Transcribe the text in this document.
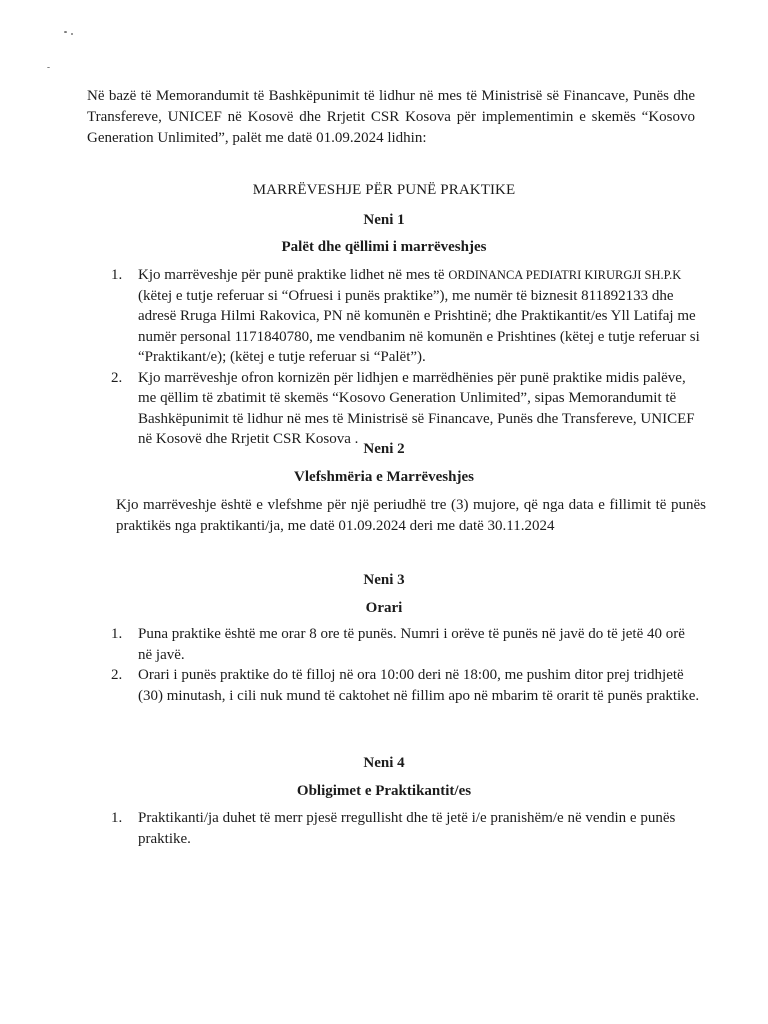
Në bazë të Memorandumit të Bashkëpunimit të lidhur në mes të Ministrisë së Financave, Punës dhe Transfereve, UNICEF në Kosovë dhe Rrjetit CSR Kosova për implementimin e skemës “Kosovo Generation Unlimited”, palët me datë 01.09.2024 lidhin:

MARRËVESHJE PËR PUNË PRAKTIKE
Neni 1
Palët dhe qëllimi i marrëveshjes
1. Kjo marrëveshje për punë praktike lidhet në mes të ORDINANCA PEDIATRI KIRURGJI SH.P.K (këtej e tutje referuar si “Ofruesi i punës praktike”), me numër të biznesit 811892133 dhe adresë Rruga Hilmi Rakovica, PN në komunën e Prishtinë; dhe Praktikantit/es Yll Latifaj me numër personal 1171840780, me vendbanim në komunën e Prishtines (këtej e tutje referuar si “Praktikant/e); (këtej e tutje referuar si “Palët”).
2. Kjo marrëveshje ofron kornizën për lidhjen e marrëdhënies për punë praktike midis palëve, me qëllim të zbatimit të skemës “Kosovo Generation Unlimited”, sipas Memorandumit të Bashkëpunimit të lidhur në mes të Ministrisë së Financave, Punës dhe Transfereve, UNICEF në Kosovë dhe Rrjetit CSR Kosova .
Neni 2
Vlefshmëria e Marrëveshjes

Kjo marrëveshje është e vlefshme për një periudhë tre (3) mujore, që nga data e fillimit të punës praktikës nga praktikanti/ja, me datë 01.09.2024 deri me datë 30.11.2024

Neni 3
Orari
1. Puna praktike është me orar 8 ore të punës. Numri i orëve të punës në javë do të jetë 40 orë në javë.
2. Orari i punës praktike do të filloj në ora 10:00 deri në 18:00, me pushim ditor prej tridhjetë (30) minutash, i cili nuk mund të caktohet në fillim apo në mbarim të orarit të punës praktike.
Neni 4
Obligimet e Praktikantit/es
1. Praktikanti/ja duhet të merr pjesë rregullisht dhe të jetë i/e pranishëm/e në vendin e punës praktike.
